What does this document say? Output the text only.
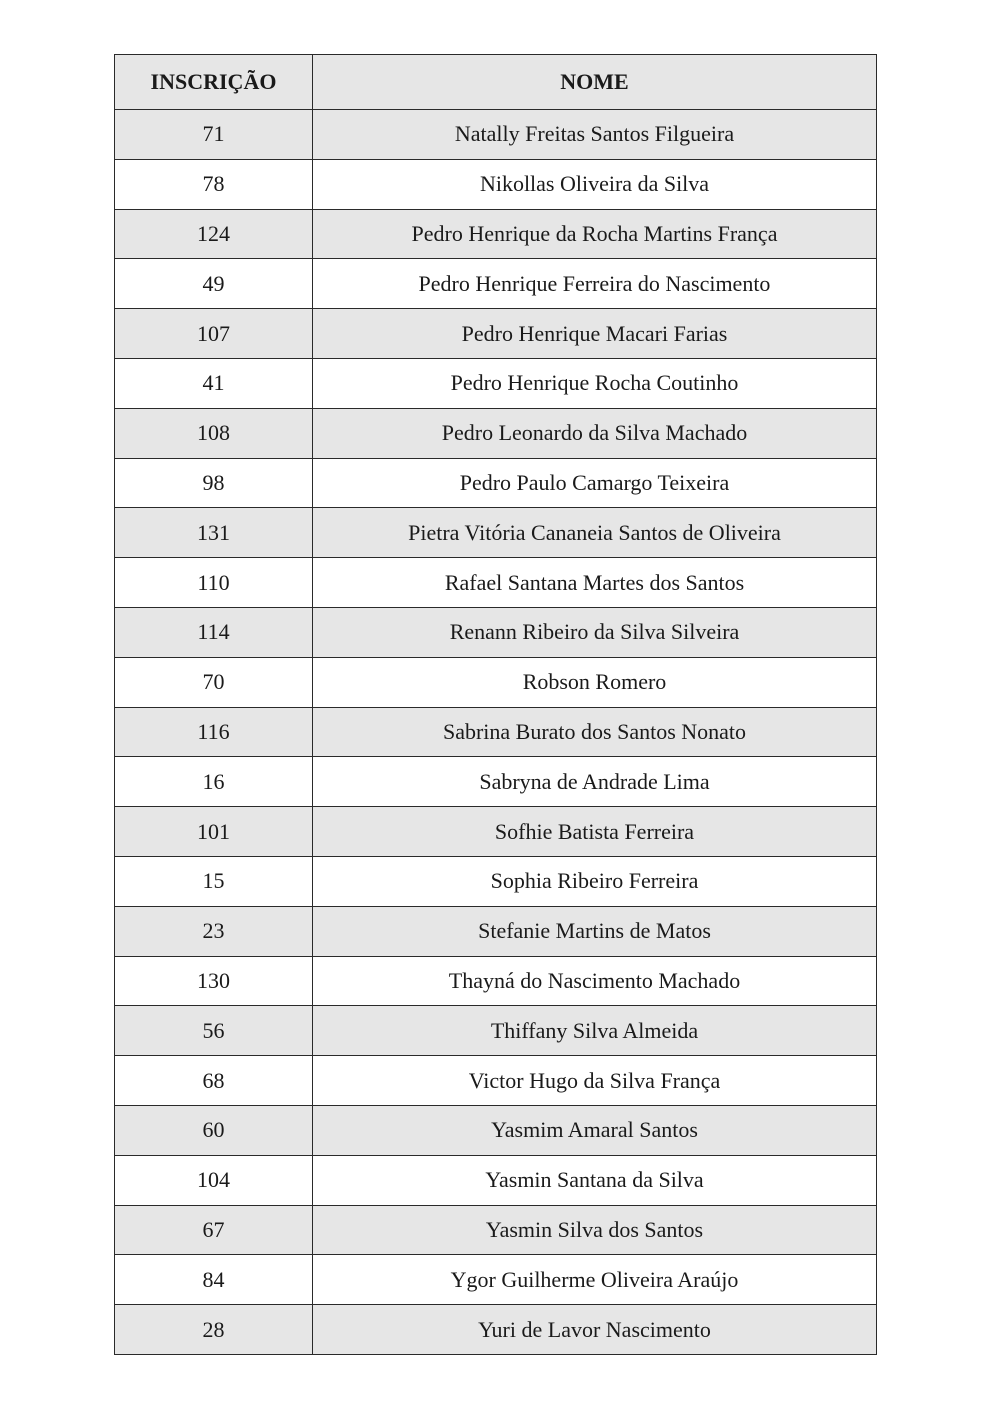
INSCRIÇÃO	NOME
71	Natally Freitas Santos Filgueira
78	Nikollas Oliveira da Silva
124	Pedro Henrique da Rocha Martins França
49	Pedro Henrique Ferreira do Nascimento
107	Pedro Henrique Macari Farias
41	Pedro Henrique Rocha Coutinho
108	Pedro Leonardo da Silva Machado
98	Pedro Paulo Camargo Teixeira
131	Pietra Vitória Cananeia Santos de Oliveira
110	Rafael Santana Martes dos Santos
114	Renann Ribeiro da Silva Silveira
70	Robson Romero
116	Sabrina Burato dos Santos Nonato
16	Sabryna de Andrade Lima
101	Sofhie Batista Ferreira
15	Sophia Ribeiro Ferreira
23	Stefanie Martins de Matos
130	Thayná do Nascimento Machado
56	Thiffany Silva Almeida
68	Victor Hugo da Silva França
60	Yasmim Amaral Santos
104	Yasmin Santana da Silva
67	Yasmin Silva dos Santos
84	Ygor Guilherme Oliveira Araújo
28	Yuri de Lavor Nascimento
